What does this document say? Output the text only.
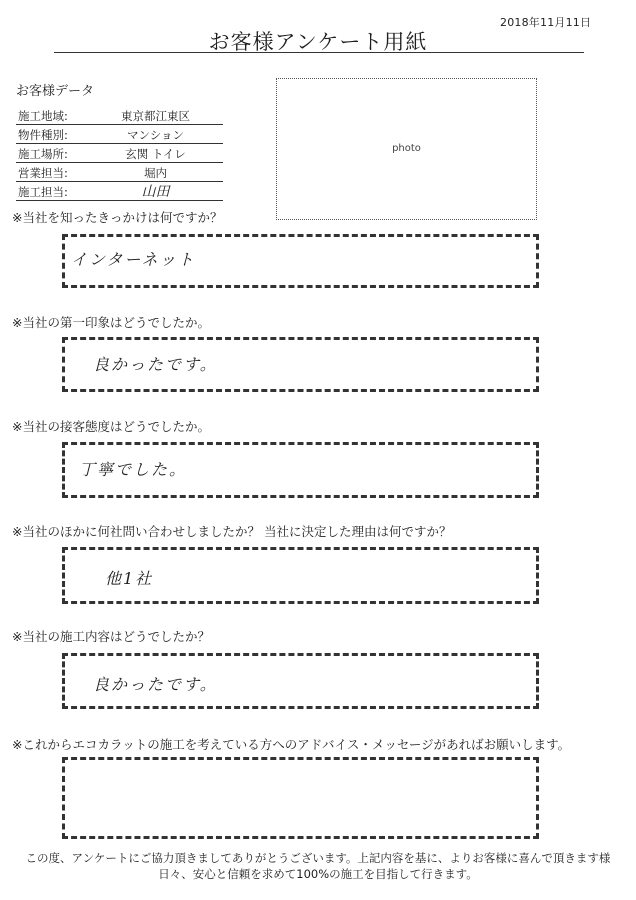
2018年11月11日
お客様アンケート用紙
お客様データ
施工地域:	東京都江東区
物件種別:	マンション
施工場所:	玄関 トイレ
営業担当:	堀内
施工担当:	山田
photo
※当社を知ったきっかけは何ですか？
インターネット
※当社の第一印象はどうでしたか。
良かったです。
※当社の接客態度はどうでしたか。
丁寧でした。
※当社のほかに何社問い合わせしましたか？ 当社に決定した理由は何ですか？
他1社
※当社の施工内容はどうでしたか？
良かったです。
※これからエコカラットの施工を考えている方へのアドバイス・メッセージがあればお願いします。
この度、アンケートにご協力頂きましてありがとうございます。上記内容を基に、よりお客様に喜んで頂きます様
日々、安心と信頼を求めて100%の施工を目指して行きます。
